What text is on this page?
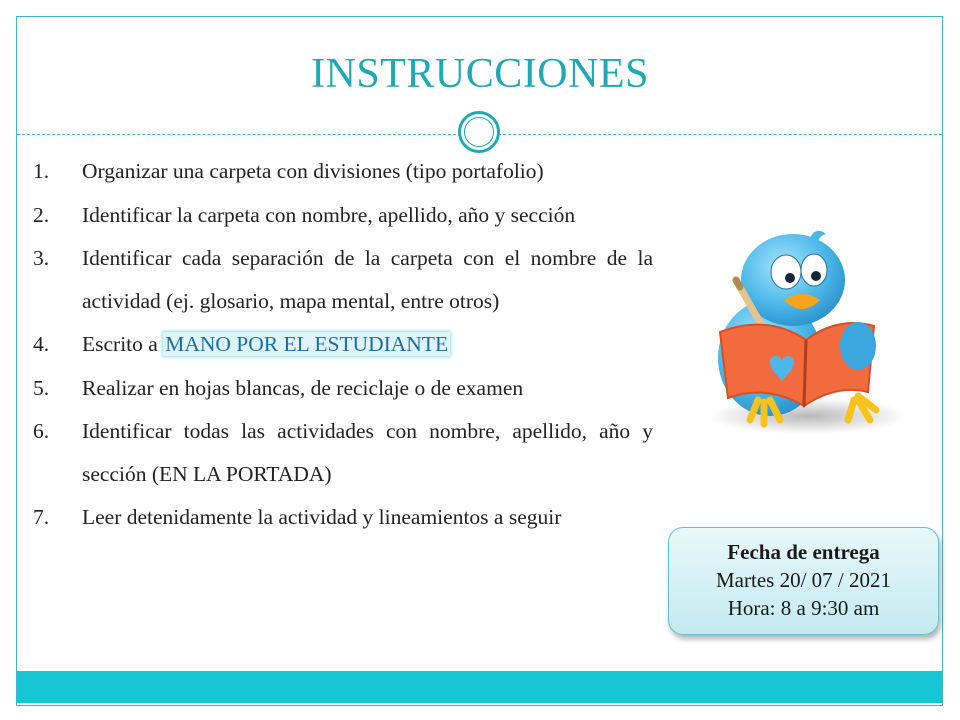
INSTRUCCIONES
1.	Organizar una carpeta con divisiones (tipo portafolio)
2.	Identificar la carpeta con nombre, apellido, año y sección
3.	Identificar cada separación de la carpeta con el nombre de la actividad (ej. glosario, mapa mental, entre otros)
4.	Escrito a MANO POR EL ESTUDIANTE
5.	Realizar en hojas blancas, de reciclaje o de examen
6.	Identificar todas las actividades con nombre, apellido, año y sección (EN LA PORTADA)
7.	Leer detenidamente la actividad y lineamientos a seguir
Fecha de entrega
Martes 20/ 07 / 2021
Hora: 8 a 9:30 am
